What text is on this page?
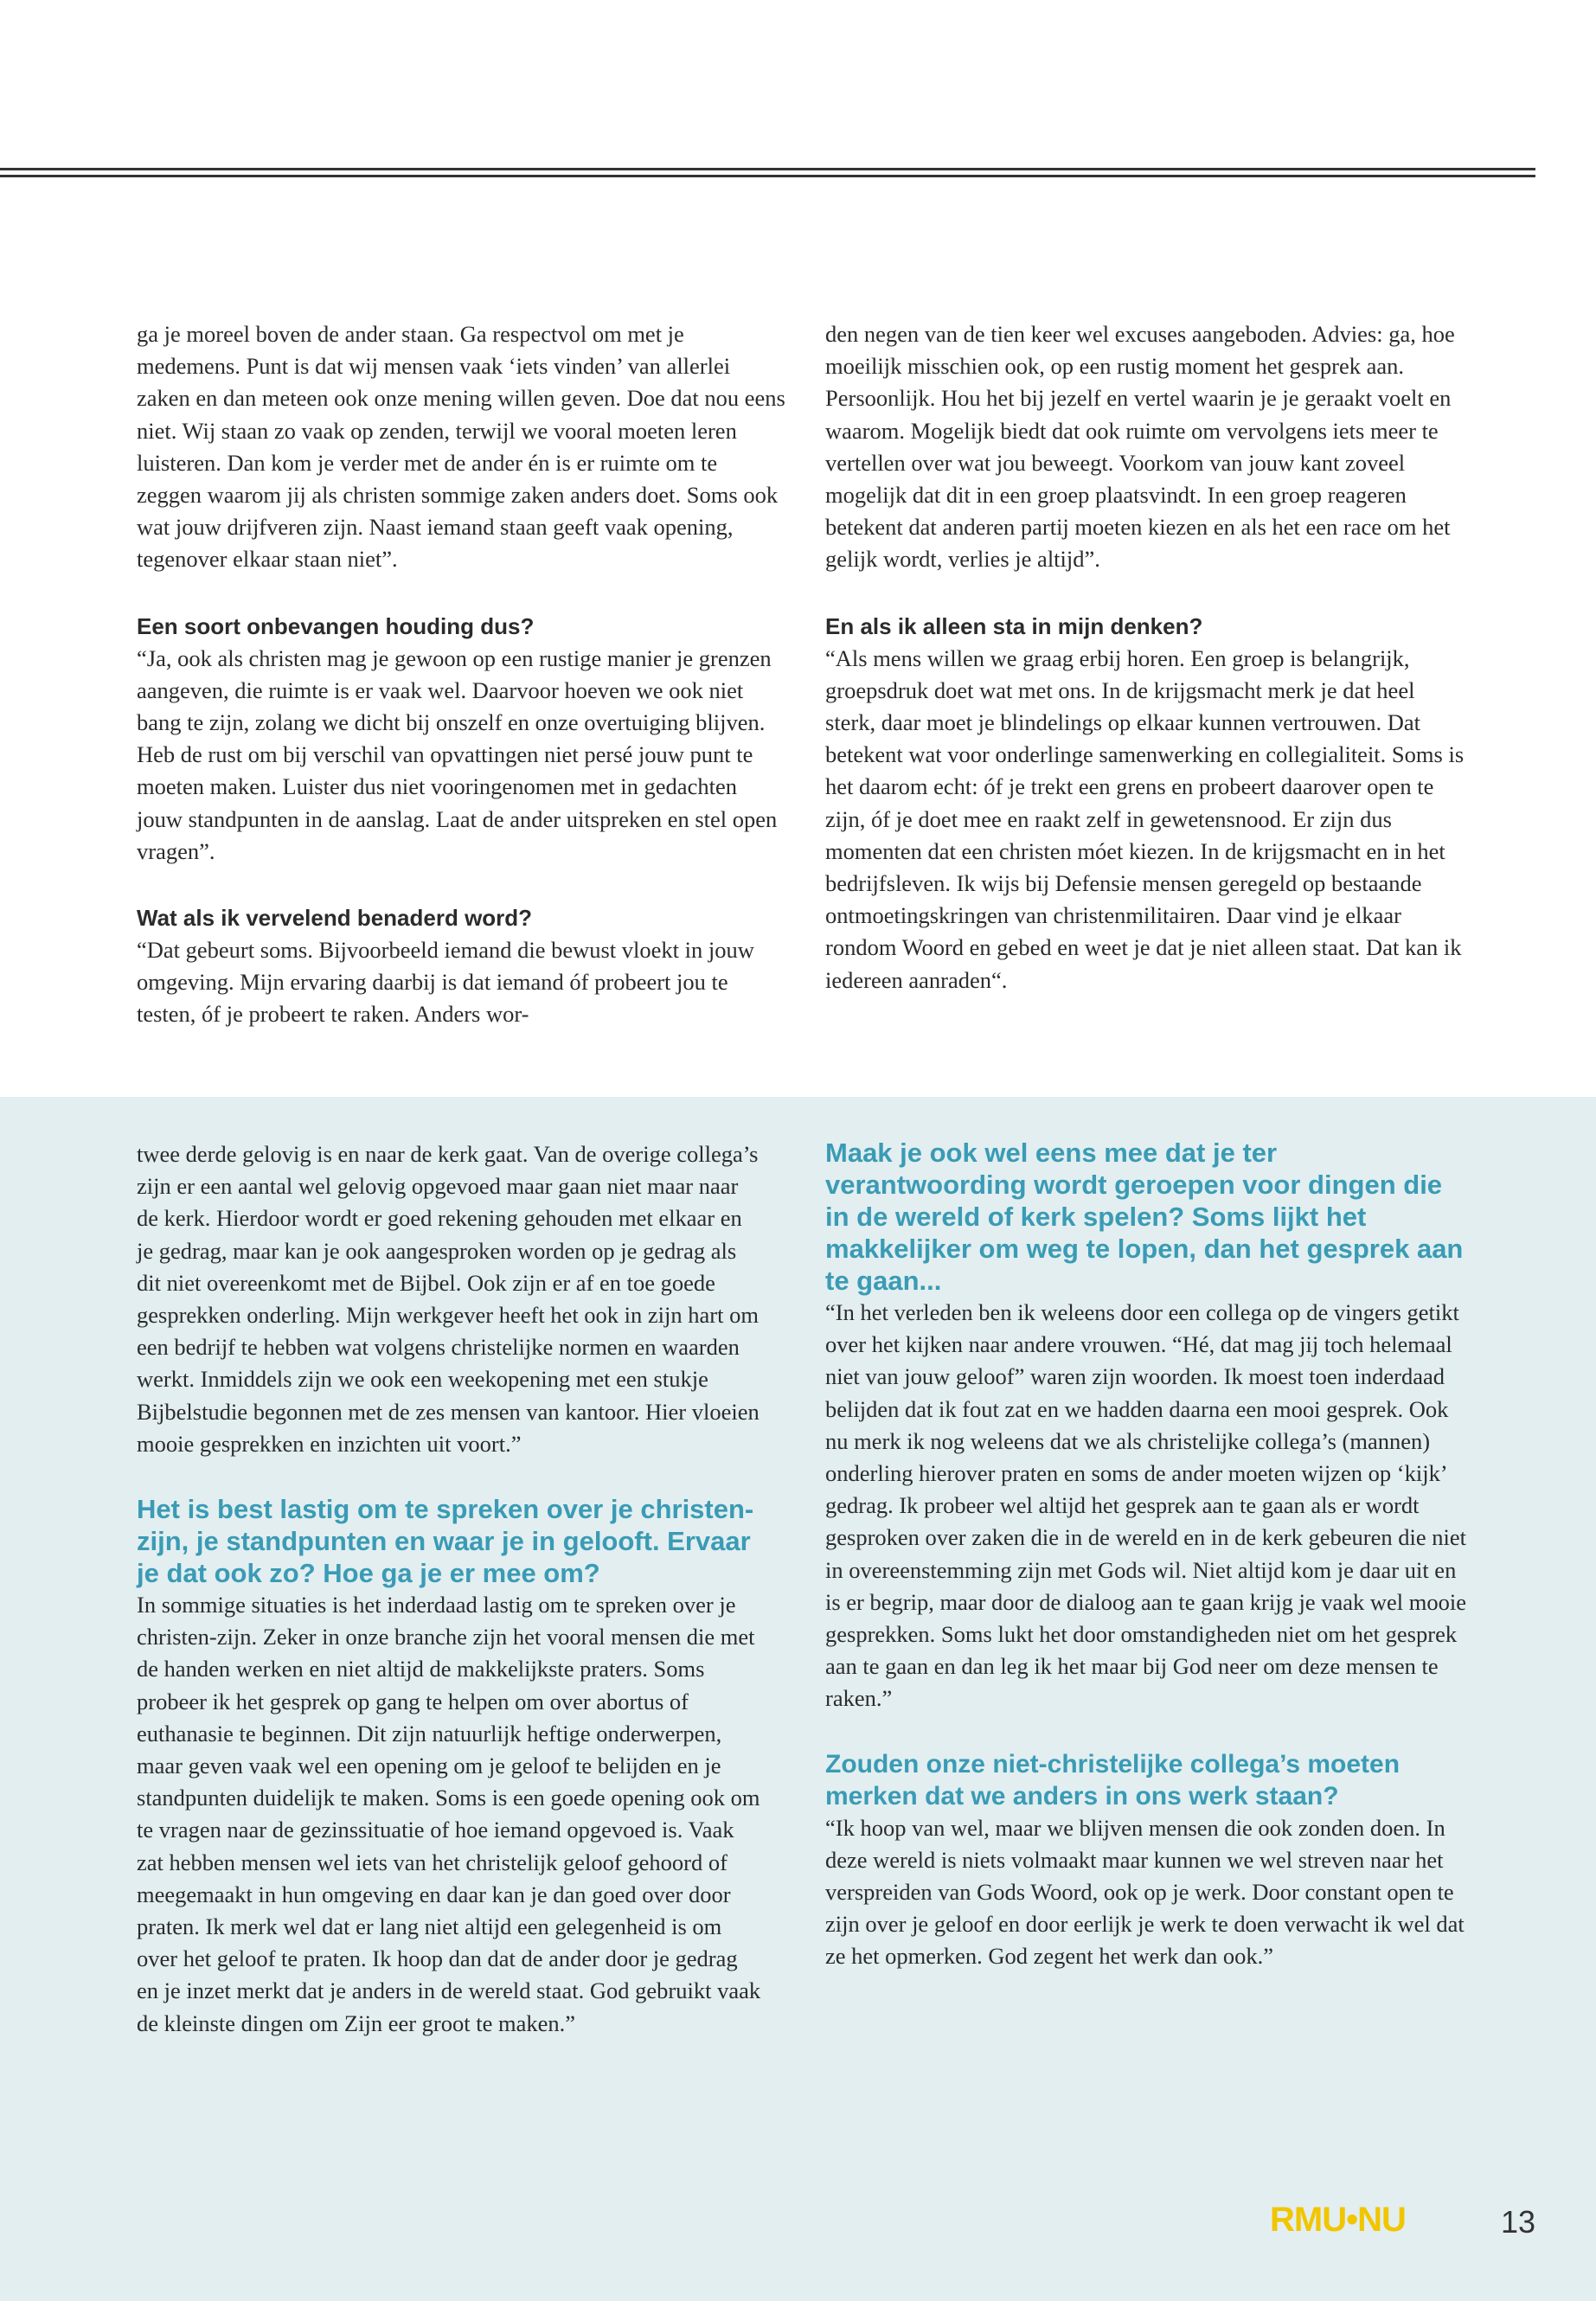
ga je moreel boven de ander staan. Ga respectvol om met je medemens. Punt is dat wij mensen vaak ‘iets vinden’ van allerlei zaken en dan meteen ook onze mening willen geven. Doe dat nou eens niet. Wij staan zo vaak op zenden, terwijl we vooral moeten leren luisteren. Dan kom je verder met de ander én is er ruimte om te zeggen waarom jij als christen sommige zaken anders doet. Soms ook wat jouw drijfveren zijn. Naast iemand staan geeft vaak opening, tegenover elkaar staan niet”.

Een soort onbevangen houding dus?

“Ja, ook als christen mag je gewoon op een rustige manier je grenzen aangeven, die ruimte is er vaak wel. Daarvoor hoeven we ook niet bang te zijn, zolang we dicht bij onszelf en onze overtuiging blijven. Heb de rust om bij verschil van opvattingen niet persé jouw punt te moeten maken. Luister dus niet vooringenomen met in gedachten jouw standpunten in de aanslag. Laat de ander uitspreken en stel open vragen”.

Wat als ik vervelend benaderd word?

“Dat gebeurt soms. Bijvoorbeeld iemand die bewust vloekt in jouw omgeving. Mijn ervaring daarbij is dat iemand óf probeert jou te testen, óf je probeert te raken. Anders wor-

den negen van de tien keer wel excuses aangeboden. Advies: ga, hoe moeilijk misschien ook, op een rustig moment het gesprek aan. Persoonlijk. Hou het bij jezelf en vertel waarin je je geraakt voelt en waarom. Mogelijk biedt dat ook ruimte om vervolgens iets meer te vertellen over wat jou beweegt. Voorkom van jouw kant zoveel mogelijk dat dit in een groep plaatsvindt. In een groep reageren betekent dat anderen partij moeten kiezen en als het een race om het gelijk wordt, verlies je altijd”.

En als ik alleen sta in mijn denken?

“Als mens willen we graag erbij horen. Een groep is belangrijk, groepsdruk doet wat met ons. In de krijgsmacht merk je dat heel sterk, daar moet je blindelings op elkaar kunnen vertrouwen. Dat betekent wat voor onderlinge samenwerking en collegialiteit. Soms is het daarom echt: óf je trekt een grens en probeert daarover open te zijn, óf je doet mee en raakt zelf in gewetensnood. Er zijn dus momenten dat een christen móet kiezen. In de krijgsmacht en in het bedrijfsleven. Ik wijs bij Defensie mensen geregeld op bestaande ontmoetingskringen van christenmilitairen. Daar vind je elkaar rondom Woord en gebed en weet je dat je niet alleen staat. Dat kan ik iedereen aanraden“.

twee derde gelovig is en naar de kerk gaat. Van de overige collega’s zijn er een aantal wel gelovig opgevoed maar gaan niet maar naar de kerk. Hierdoor wordt er goed rekening gehouden met elkaar en je gedrag, maar kan je ook aangesproken worden op je gedrag als dit niet overeenkomt met de Bijbel. Ook zijn er af en toe goede gesprekken onderling. Mijn werkgever heeft het ook in zijn hart om een bedrijf te hebben wat volgens christelijke normen en waarden werkt. Inmiddels zijn we ook een weekopening met een stukje Bijbelstudie begonnen met de zes mensen van kantoor. Hier vloeien mooie gesprekken en inzichten uit voort.”

Het is best lastig om te spreken over je christen-zijn, je standpunten en waar je in gelooft. Ervaar je dat ook zo? Hoe ga je er mee om?

In sommige situaties is het inderdaad lastig om te spreken over je christen-zijn. Zeker in onze branche zijn het vooral mensen die met de handen werken en niet altijd de makkelijkste praters. Soms probeer ik het gesprek op gang te helpen om over abortus of euthanasie te beginnen. Dit zijn natuurlijk heftige onderwerpen, maar geven vaak wel een opening om je geloof te belijden en je standpunten duidelijk te maken. Soms is een goede opening ook om te vragen naar de gezinssituatie of hoe iemand opgevoed is. Vaak zat hebben mensen wel iets van het christelijk geloof gehoord of meegemaakt in hun omgeving en daar kan je dan goed over door praten. Ik merk wel dat er lang niet altijd een gelegenheid is om over het geloof te praten. Ik hoop dan dat de ander door je gedrag en je inzet merkt dat je anders in de wereld staat. God gebruikt vaak de kleinste dingen om Zijn eer groot te maken.”

Maak je ook wel eens mee dat je ter verantwoording wordt geroepen voor dingen die in de wereld of kerk spelen? Soms lijkt het makkelijker om weg te lopen, dan het gesprek aan te gaan...

“In het verleden ben ik weleens door een collega op de vingers getikt over het kijken naar andere vrouwen. “Hé, dat mag jij toch helemaal niet van jouw geloof” waren zijn woorden. Ik moest toen inderdaad belijden dat ik fout zat en we hadden daarna een mooi gesprek. Ook nu merk ik nog weleens dat we als christelijke collega’s (mannen) onderling hierover praten en soms de ander moeten wijzen op ‘kijk’ gedrag. Ik probeer wel altijd het gesprek aan te gaan als er wordt gesproken over zaken die in de wereld en in de kerk gebeuren die niet in overeenstemming zijn met Gods wil. Niet altijd kom je daar uit en is er begrip, maar door de dialoog aan te gaan krijg je vaak wel mooie gesprekken. Soms lukt het door omstandigheden niet om het gesprek aan te gaan en dan leg ik het maar bij God neer om deze mensen te raken.”

Zouden onze niet-christelijke collega’s moeten merken dat we anders in ons werk staan?

“Ik hoop van wel, maar we blijven mensen die ook zonden doen. In deze wereld is niets volmaakt maar kunnen we wel streven naar het verspreiden van Gods Woord, ook op je werk. Door constant open te zijn over je geloof en door eerlijk je werk te doen verwacht ik wel dat ze het opmerken. God zegent het werk dan ook.”

RMU•NU	13
